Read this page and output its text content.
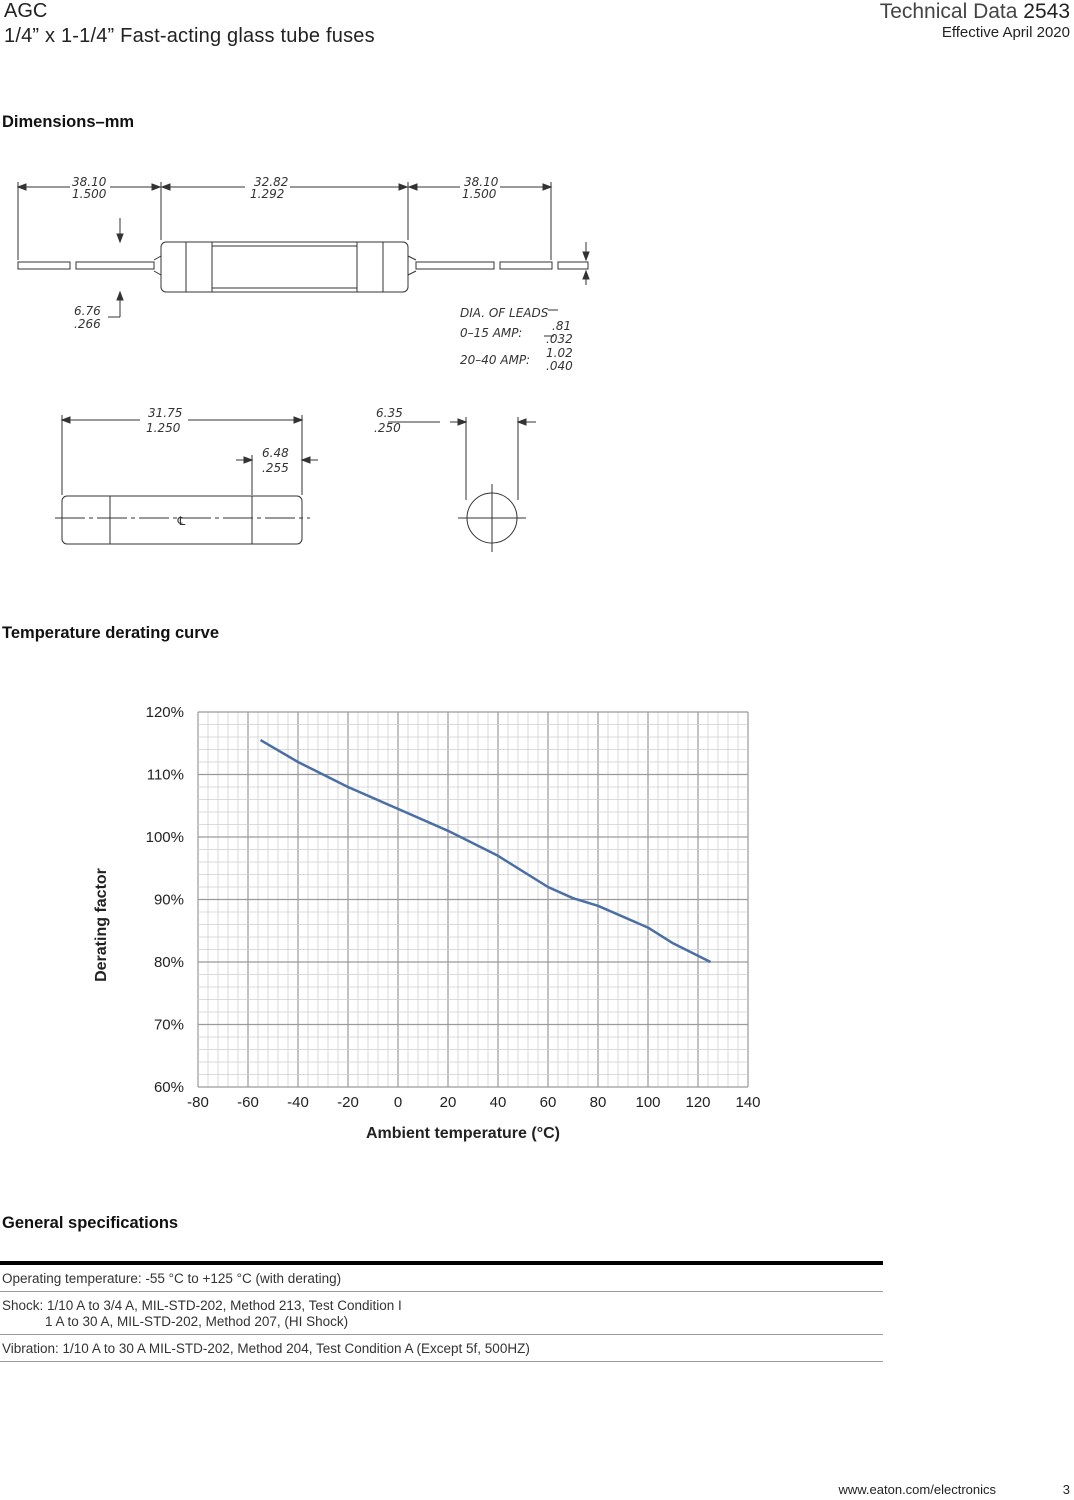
AGC
1/4” x 1-1/4” Fast-acting glass tube fuses
Technical Data 2543
Effective April 2020
Dimensions–mm
38.10
1.500
32.82
1.292
38.10
1.500
6.76
.266
DIA. OF LEADS
0–15 AMP: .81
.032
20–40 AMP: 1.02
.040
31.75
1.250
6.48
.255
℄
6.35
.250
Temperature derating curve
-80 -60 -40 -20 0 20 40 60 80 100 120 140
60%
70%
80%
90%
100%
110%
120%
Ambient temperature (°C)
Derating factor
General specifications
Operating temperature: -55 °C to +125 °C (with derating)
Shock: 1/10 A to 3/4 A, MIL-STD-202, Method 213, Test Condition I
1 A to 30 A, MIL-STD-202, Method 207, (HI Shock)
Vibration: 1/10 A to 30 A MIL-STD-202, Method 204, Test Condition A (Except 5f, 500HZ)
www.eaton.com/electronics	3
